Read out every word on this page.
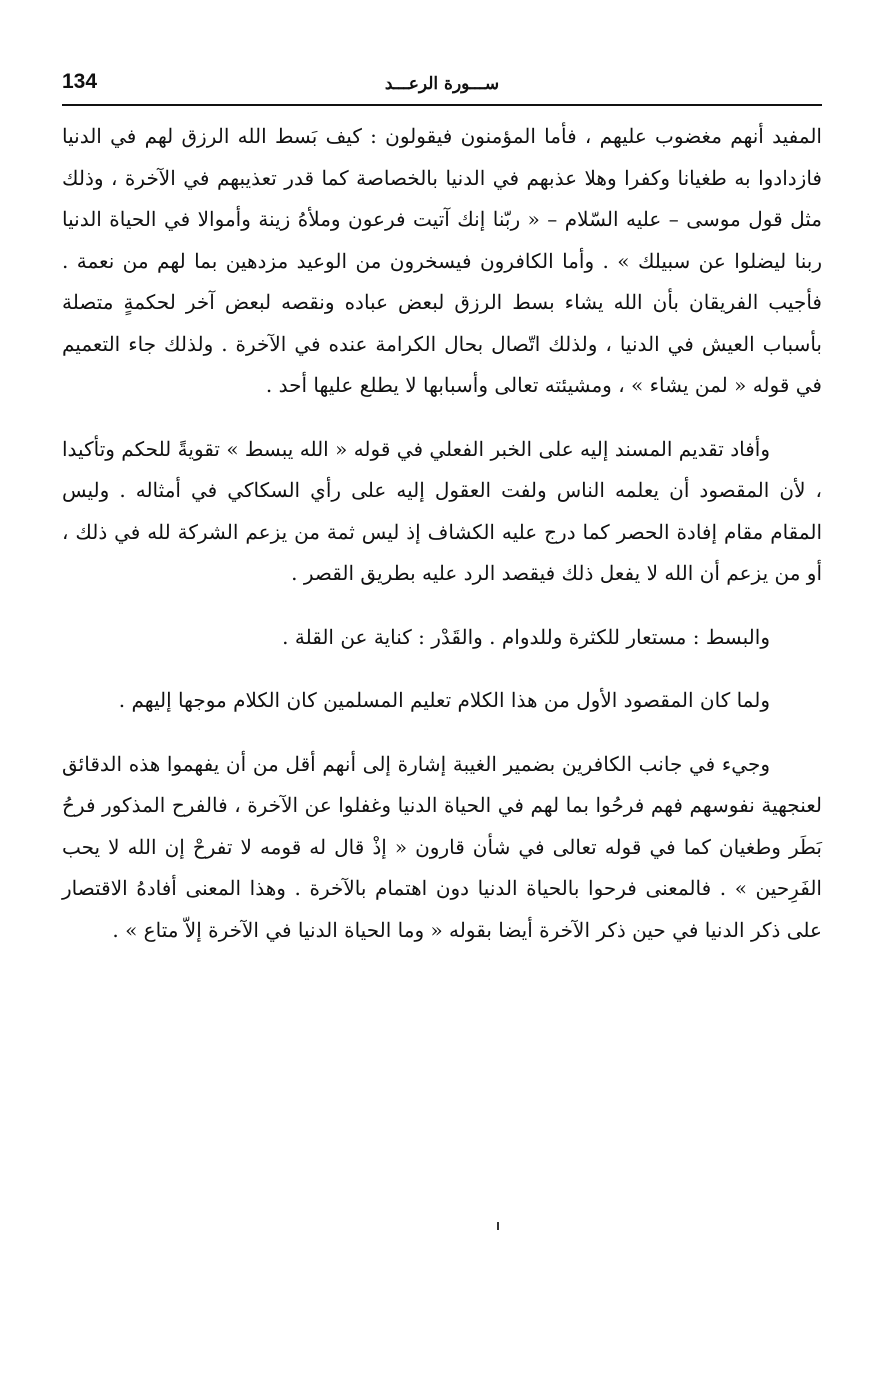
134	ســـورة الرعـــد

المفيد أنهم مغضوب عليهم ، فأما المؤمنون فيقولون : كيف بَسط الله الرزق لهم في الدنيا فازدادوا به طغيانا وكفرا وهلا عذبهم في الدنيا بالخصاصة كما قدر تعذيبهم في الآخرة ، وذلك مثل قول موسى – عليه السّلام – « ربّنا إنك آتيت فرعون وملأهُ زينة وأموالا في الحياة الدنيا ربنا ليضلوا عن سبيلك » . وأما الكافرون فيسخرون من الوعيد مزدهين بما لهم من نعمة . فأجيب الفريقان بأن الله يشاء بسط الرزق لبعض عباده ونقصه لبعض آخر لحكمةٍ متصلة بأسباب العيش في الدنيا ، ولذلك اتّصال بحال الكرامة عنده في الآخرة . ولذلك جاء التعميم في قوله « لمن يشاء » ، ومشيئته تعالى وأسبابها لا يطلع عليها أحد .

وأفاد تقديم المسند إليه على الخبر الفعلي في قوله « الله يبسط » تقويةً للحكم وتأكيدا ، لأن المقصود أن يعلمه الناس ولفت العقول إليه على رأي السكاكي في أمثاله . وليس المقام مقام إفادة الحصر كما درج عليه الكشاف إذ ليس ثمة من يزعم الشركة لله في ذلك ، أو من يزعم أن الله لا يفعل ذلك فيقصد الرد عليه بطريق القصر .

والبسط : مستعار للكثرة وللدوام . والقَدْر : كناية عن القلة .

ولما كان المقصود الأول من هذا الكلام تعليم المسلمين كان الكلام موجها إليهم .

وجيء في جانب الكافرين بضمير الغيبة إشارة إلى أنهم أقل من أن يفهموا هذه الدقائق لعنجهية نفوسهم فهم فرحُوا بما لهم في الحياة الدنيا وغفلوا عن الآخرة ، فالفرح المذكور فرحُ بَطَر وطغيان كما في قوله تعالى في شأن قارون « إذْ قال له قومه لا تفرحْ إن الله لا يحب الفَرِحين » . فالمعنى فرحوا بالحياة الدنيا دون اهتمام بالآخرة . وهذا المعنى أفادهُ الاقتصار على ذكر الدنيا في حين ذكر الآخرة أيضا بقوله « وما الحياة الدنيا في الآخرة إلاّ متاع » .
